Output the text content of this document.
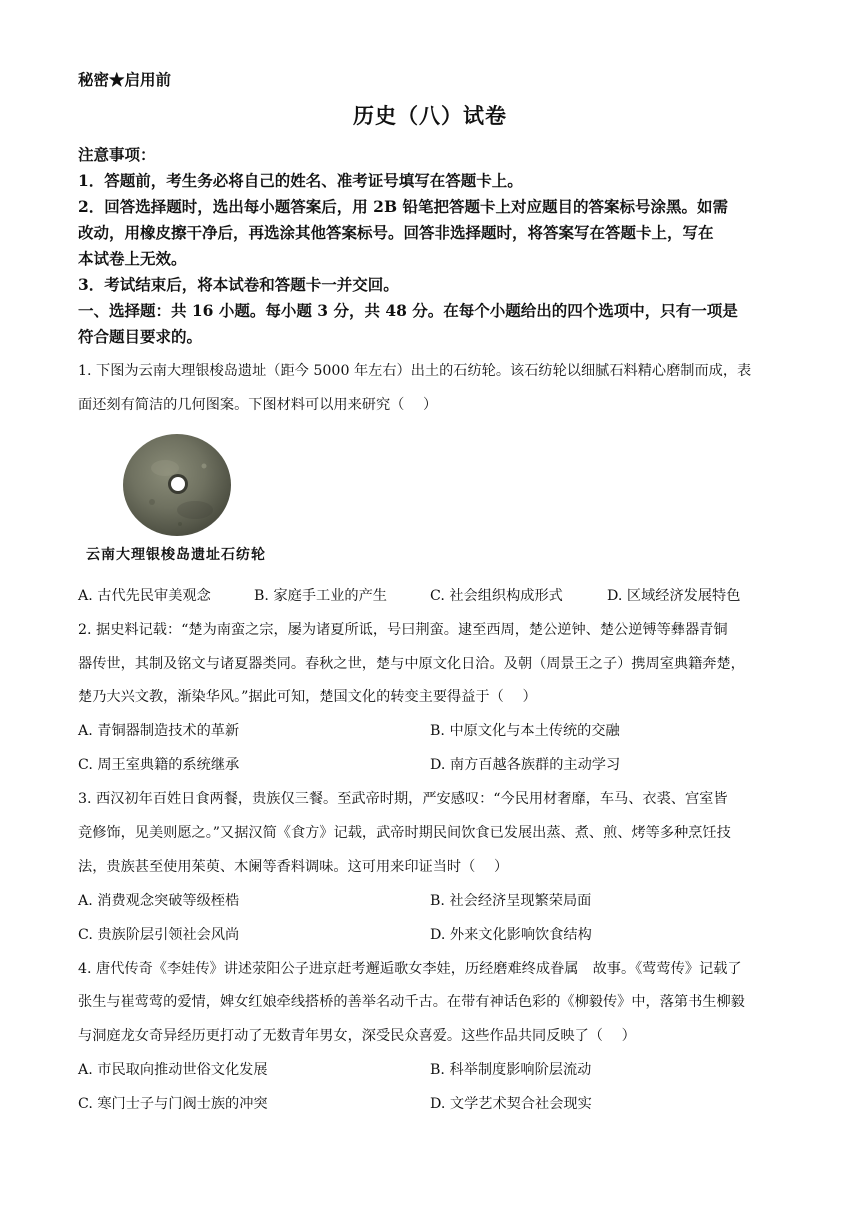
秘密★启用前
历史（八）试卷
注意事项：
1．答题前，考生务必将自己的姓名、准考证号填写在答题卡上。
2．回答选择题时，选出每小题答案后，用 2B 铅笔把答题卡上对应题目的答案标号涂黑。如需
改动，用橡皮擦干净后，再选涂其他答案标号。回答非选择题时，将答案写在答题卡上，写在
本试卷上无效。
3．考试结束后，将本试卷和答题卡一并交回。
一、选择题：共 16 小题。每小题 3 分，共 48 分。在每个小题给出的四个选项中，只有一项是
符合题目要求的。
1. 下图为云南大理银梭岛遗址（距今 5000 年左右）出土的石纺轮。该石纺轮以细腻石料精心磨制而成，表
面还刻有简洁的几何图案。下图材料可以用来研究（　 ）
云南大理银梭岛遗址石纺轮
A. 古代先民审美观念	B. 家庭手工业的产生	C. 社会组织构成形式	D. 区域经济发展特色
2. 据史料记载：“楚为南蛮之宗，屡为诸夏所诋，号曰荆蛮。逮至西周，楚公逆钟、楚公逆镈等彝器青铜
器传世，其制及铭文与诸夏器类同。春秋之世，楚与中原文化日洽。及朝（周景王之子）携周室典籍奔楚，
楚乃大兴文教，渐染华风。”据此可知，楚国文化的转变主要得益于（　 ）
A. 青铜器制造技术的革新	B. 中原文化与本土传统的交融
C. 周王室典籍的系统继承	D. 南方百越各族群的主动学习
3. 西汉初年百姓日食两餐，贵族仅三餐。至武帝时期，严安感叹：“今民用材奢靡，车马、衣裘、宫室皆
竞修饰，见美则愿之。”又据汉简《食方》记载，武帝时期民间饮食已发展出蒸、煮、煎、烤等多种烹饪技
法，贵族甚至使用茱萸、木阑等香料调味。这可用来印证当时（　 ）
A. 消费观念突破等级桎梏	B. 社会经济呈现繁荣局面
C. 贵族阶层引领社会风尚	D. 外来文化影响饮食结构
4. 唐代传奇《李娃传》讲述荥阳公子进京赶考邂逅歌女李娃，历经磨难终成眷属　故事。《莺莺传》记载了
张生与崔莺莺的爱情，婢女红娘牵线搭桥的善举名动千古。在带有神话色彩的《柳毅传》中，落第书生柳毅
与洞庭龙女奇异经历更打动了无数青年男女，深受民众喜爱。这些作品共同反映了（　 ）
A. 市民取向推动世俗文化发展	B. 科举制度影响阶层流动
C. 寒门士子与门阀士族的冲突	D. 文学艺术契合社会现实
